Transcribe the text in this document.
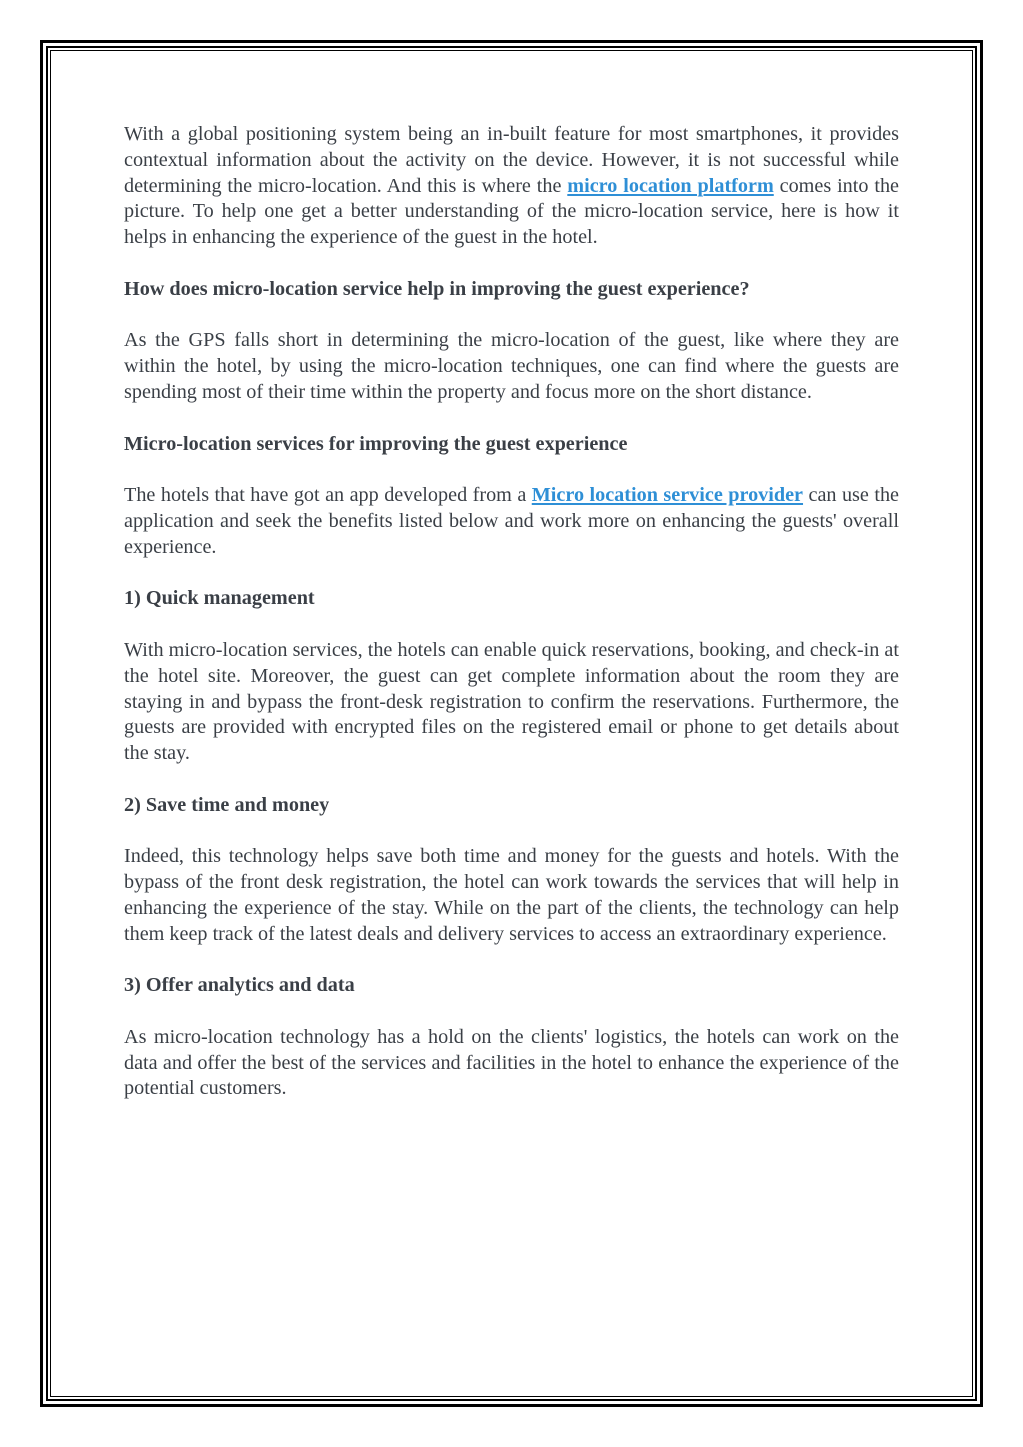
With a global positioning system being an in-built feature for most smartphones, it provides contextual information about the activity on the device. However, it is not successful while determining the micro-location. And this is where the micro location platform comes into the picture. To help one get a better understanding of the micro-location service, here is how it helps in enhancing the experience of the guest in the hotel.

How does micro-location service help in improving the guest experience?

As the GPS falls short in determining the micro-location of the guest, like where they are within the hotel, by using the micro-location techniques, one can find where the guests are spending most of their time within the property and focus more on the short distance.

Micro-location services for improving the guest experience

The hotels that have got an app developed from a Micro location service provider can use the application and seek the benefits listed below and work more on enhancing the guests' overall experience.

1) Quick management

With micro-location services, the hotels can enable quick reservations, booking, and check-in at the hotel site. Moreover, the guest can get complete information about the room they are staying in and bypass the front-desk registration to confirm the reservations. Furthermore, the guests are provided with encrypted files on the registered email or phone to get details about the stay.

2) Save time and money

Indeed, this technology helps save both time and money for the guests and hotels. With the bypass of the front desk registration, the hotel can work towards the services that will help in enhancing the experience of the stay. While on the part of the clients, the technology can help them keep track of the latest deals and delivery services to access an extraordinary experience.

3) Offer analytics and data

As micro-location technology has a hold on the clients' logistics, the hotels can work on the data and offer the best of the services and facilities in the hotel to enhance the experience of the potential customers.
